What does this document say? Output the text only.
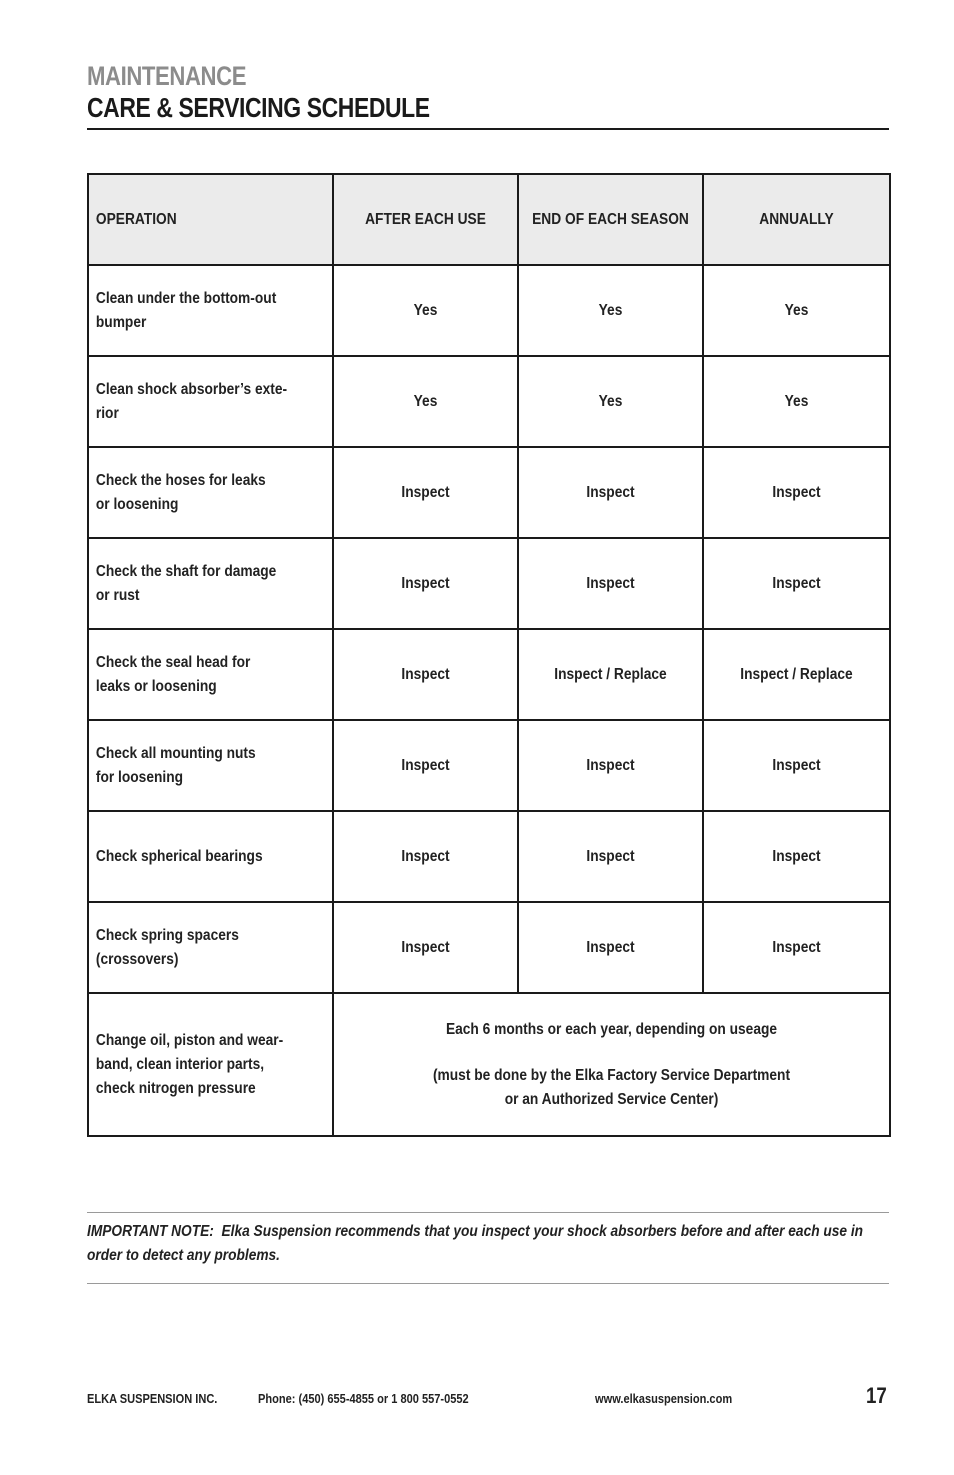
MAINTENANCE
CARE & SERVICING SCHEDULE
OPERATION	AFTER EACH USE	END OF EACH SEASON	ANNUALLY

Clean under the bottom-out
bumper	Yes	Yes	Yes

Clean shock absorber’s exte-
rior	Yes	Yes	Yes

Check the hoses for leaks
or loosening	Inspect	Inspect	Inspect

Check the shaft for damage
or rust	Inspect	Inspect	Inspect

Check the seal head for
leaks or loosening	Inspect	Inspect / Replace	Inspect / Replace

Check all mounting nuts
for loosening	Inspect	Inspect	Inspect

Check spherical bearings	Inspect	Inspect	Inspect

Check spring spacers
(crossovers)	Inspect	Inspect	Inspect

Change oil, piston and wear-
band, clean interior parts,
check nitrogen pressure	Each 6 months or each year, depending on useage
(must be done by the Elka Factory Service Department
or an Authorized Service Center)		
IMPORTANT NOTE: Elka Suspension recommends that you inspect your shock absorbers before and after each use in order to detect any problems.
ELKA SUSPENSION INC.	Phone: (450) 655-4855 or 1 800 557-0552	www.elkasuspension.com	17
